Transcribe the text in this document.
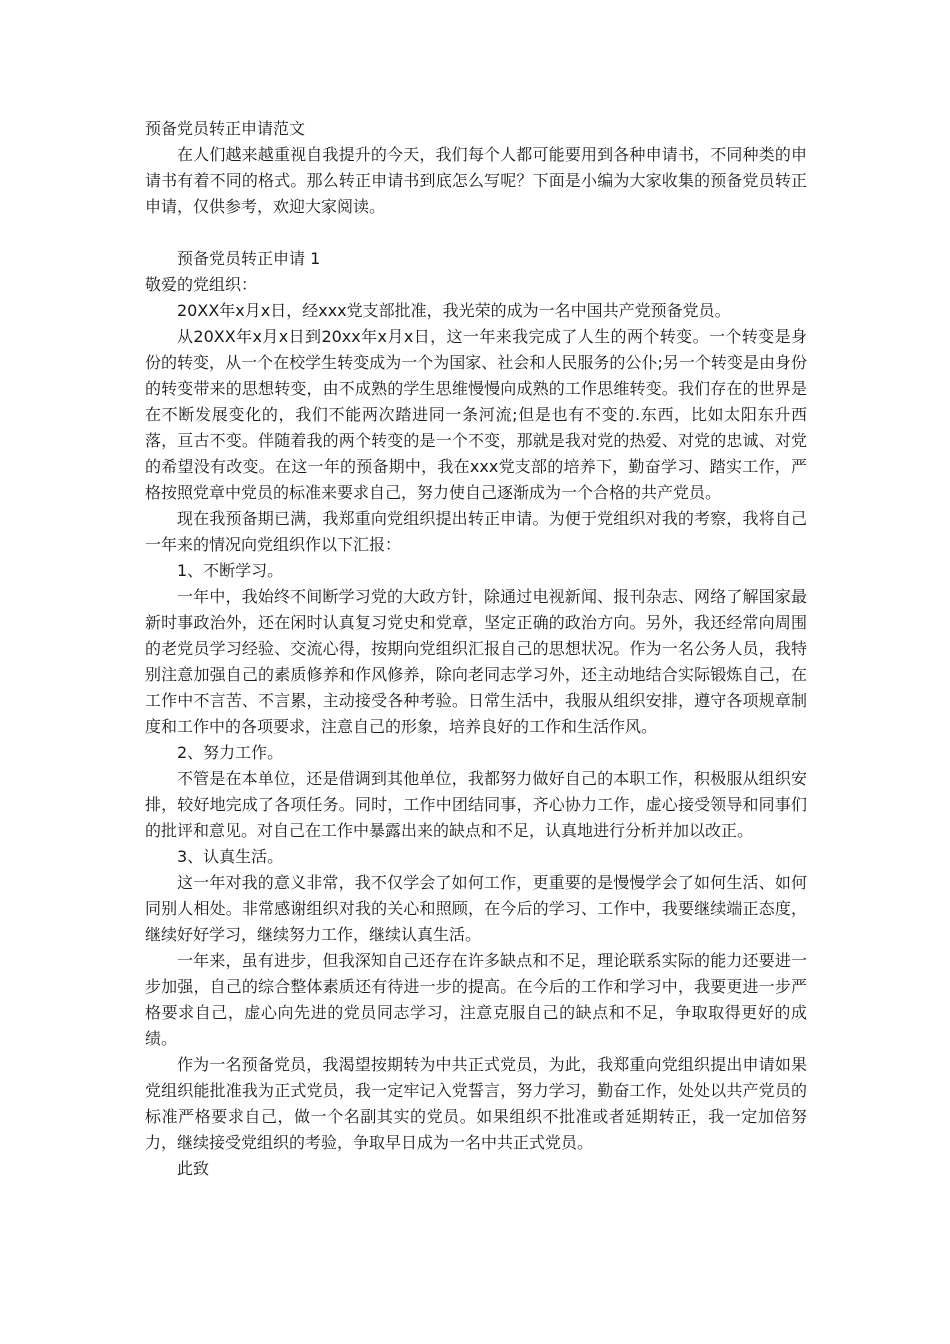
预备党员转正申请范文

在人们越来越重视自我提升的今天，我们每个人都可能要用到各种申请书，不同种类的申请书有着不同的格式。那么转正申请书到底怎么写呢？下面是小编为大家收集的预备党员转正申请，仅供参考，欢迎大家阅读。

预备党员转正申请 1

敬爱的党组织：

20XX年x月x日，经xxx党支部批准，我光荣的成为一名中国共产党预备党员。

从20XX年x月x日到20xx年x月x日，这一年来我完成了人生的两个转变。一个转变是身份的转变，从一个在校学生转变成为一个为国家、社会和人民服务的公仆;另一个转变是由身份的转变带来的思想转变，由不成熟的学生思维慢慢向成熟的工作思维转变。我们存在的世界是在不断发展变化的，我们不能两次踏进同一条河流;但是也有不变的.东西，比如太阳东升西落，亘古不变。伴随着我的两个转变的是一个不变，那就是我对党的热爱、对党的忠诚、对党的希望没有改变。在这一年的预备期中，我在xxx党支部的培养下，勤奋学习、踏实工作，严格按照党章中党员的标准来要求自己，努力使自己逐渐成为一个合格的共产党员。

现在我预备期已满，我郑重向党组织提出转正申请。为便于党组织对我的考察，我将自己一年来的情况向党组织作以下汇报：

1、不断学习。

一年中，我始终不间断学习党的大政方针，除通过电视新闻、报刊杂志、网络了解国家最新时事政治外，还在闲时认真复习党史和党章，坚定正确的政治方向。另外，我还经常向周围的老党员学习经验、交流心得，按期向党组织汇报自己的思想状况。作为一名公务人员，我特别注意加强自己的素质修养和作风修养，除向老同志学习外，还主动地结合实际锻炼自己，在工作中不言苦、不言累，主动接受各种考验。日常生活中，我服从组织安排，遵守各项规章制度和工作中的各项要求，注意自己的形象，培养良好的工作和生活作风。

2、努力工作。

不管是在本单位，还是借调到其他单位，我都努力做好自己的本职工作，积极服从组织安排，较好地完成了各项任务。同时，工作中团结同事，齐心协力工作，虚心接受领导和同事们的批评和意见。对自己在工作中暴露出来的缺点和不足，认真地进行分析并加以改正。

3、认真生活。

这一年对我的意义非常，我不仅学会了如何工作，更重要的是慢慢学会了如何生活、如何同别人相处。非常感谢组织对我的关心和照顾，在今后的学习、工作中，我要继续端正态度，继续好好学习，继续努力工作，继续认真生活。

一年来，虽有进步，但我深知自己还存在许多缺点和不足，理论联系实际的能力还要进一步加强，自己的综合整体素质还有待进一步的提高。在今后的工作和学习中，我要更进一步严格要求自己，虚心向先进的党员同志学习，注意克服自己的缺点和不足，争取取得更好的成绩。

作为一名预备党员，我渴望按期转为中共正式党员，为此，我郑重向党组织提出申请如果党组织能批准我为正式党员，我一定牢记入党誓言，努力学习，勤奋工作，处处以共产党员的标准严格要求自己，做一个名副其实的党员。如果组织不批准或者延期转正，我一定加倍努力，继续接受党组织的考验，争取早日成为一名中共正式党员。

此致
